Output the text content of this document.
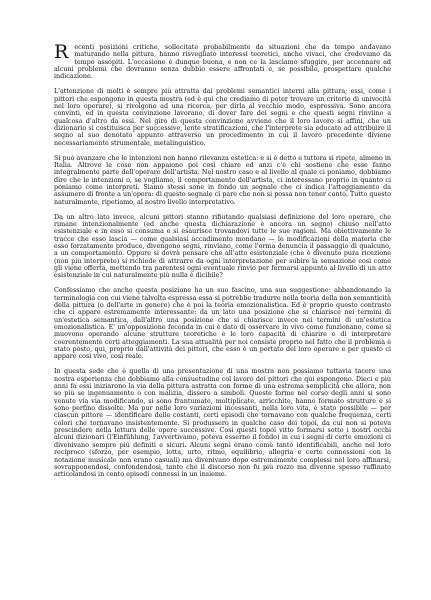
Recenti posizioni critiche, sollecitate probabilmente da situazioni che da tempo andavano maturando nella pittura, hanno risvegliato interessi teoretici, anche vivaci, che credevamo da tempo assopiti. L'occasione è dunque buona, e non ce la lasciamo sfuggire, per accennare ad alcuni problemi che dovranno senza dubbio essere affrontati e, se possibile, prospettare qualche indicazione.

L'attenzione di molti è sempre più attratta dai problemi semantici interni alla pittura; essi, come i pittori che espongono in questa mostra (ed è qui che crediamo di poter trovare un criterio di univocità nel loro operare), si rivolgono ad una ricerca, per dirla al vecchio modo, espressiva. Sono ancora convinti, ed in questa convinzione lavorano, di dover fare dei segni e che questi segni rinviino a qualcosa d'altro da essi. Nel giro di questa convinzione avviene che il loro lavoro si affini, che un dizionario si costituisca per successive, lente stratificazioni, che l'interprete sia educato ad attribuire il segno al suo denotato appunto attraverso un procedimento in cui il lavoro precedente diviene necessariamente strumentale, metalinguistico.

Si può avanzare che le intenzioni non hanno rilevanza estetica: e si è detto e tuttora si ripete, almeno in Italia. Altrove le cose non appaiono poi così chiare ed anzi c'è chi sostiene che esse fanno integralmente parte dell'operare dell'artista. Nel nostro caso e al livello al quale ci poniamo, dobbiamo dire che le intenzioni o, se vogliamo, il comportamento dell'artista, ci interessano proprio in quanto ci poniamo come interpreti. Siamo stessi sone in fondo un segnale che ci indica l'atteggiamento da assumere di fronte a un'opera: di questo segnale ci pare che non si possa non tener conto. Tutto questo naturalmente, ripetiamo, al nostro livello interpretativo.

Da un altro lato invece, alcuni pittori stanno rifiutando qualsiasi definizione del loro operare, che rimane intenzionalmente (ed anche questa dichiarazione è ancora un segno) chiuso nell'atto esistenziale e in esso si consuma e si esaurisce trovandovi tutte le sue ragioni. Ma obiettivamente le tracce che esso lascia — come qualsiasi accadimento mondano — le modificazioni della materia che esso forzatamente produce, divengono segni, rinviano, come l'orma denuncia il passaggio di qualcuno, a un comportamento. Oppure si dovrà pensare che all'atto esistenziale (che è divenuto pura ricezione (non più interprete) si richiede di attrarre da ogni interpretazione per subire la sensazione così come gli viene offerta, mettendo tra parentesi ogni eventuale rinvio per fermarsi appunto al livello di un atto esistenziale in cui naturalmente più nulla è dicibile?

Confessiamo che anche questa posizione ha un suo fascino, una sua suggestione: abbandonando la terminologia con cui viene talvolta espressa essa si potrebbe tradurre nella teoria della non semanticità della pittura (o dell'arte in genere) che è poi la teoria emozionalistica. Ed è proprio questo contrasto che ci appare estremamente interessante: da un lato una posizione che si chiarisce nei termini di un'estetica semantica, dall'altro una posizione che si chiarisce invece nei termini di un'estetica emozionalistica. E' un'opposizione feconda in cui è dato di osservare in vivo come funzionano, come si muovono operando alcune strutture teoretiche e le loro capacità di chiarire e di interpretare coerentemente certi atteggiamenti. La sua attualità per noi consiste proprio nel fatto che il problema è stato posto, qui, proprio dall'attività dei pittori, che esso è un portato del loro operare e per questo ci appare così vivo, così reale.

In questa sede che è quella di una presentazione di una mostra non possiamo tuttavia tacere una nostra esperienza che dobbiamo alla consuetudine col lavoro dei pittori che qui espongono. Dieci e più anni fa essi iniziarono la via della pittura astratta con forme di una estrema semplicità che allora, non so più se ingenuamente o con malizia, dissero a simboli. Queste forme nel corso degli anni si sono venute via via modificando, si sono frantumate, moltiplicate, arricchite, hanno formato strutture e si sono perfino dissolte. Ma pur nelle loro variazioni incessanti, nella loro vita, è stato possibile — per ciascun pittore — identificare delle costanti, certi episodi che tornavano con qualche frequenza, certi colori che tornavano insistentemente. Si produssero in qualche caso dei topoi, da cui non si poteva prescindere nella lettura delle opere successive. Così questi topoi vitto formarsi sotto i nostri occhi alcuni dizionari (l'Einfühlung, l'avvertivamo, poteva esserne il fondo) in cui i segni di certe emozioni ci divenivano sempre più definiti e sicuri. Alcuni segni erano come tanto identificabili, anche nel loro reciproco (sforzo, per esempio, lotta, urto, ritmo, equilibrio, allegria e certe connessioni con la notazione musicale non erano casuali) ma divenivano dopo estremamente complessi nel loro affinarsi, sovrapponendosi, confondendosi, tanto che il discorso non fu più rozzo ma divenne spesso raffinato articolandosi in cento episodi connessi in un insieme.
